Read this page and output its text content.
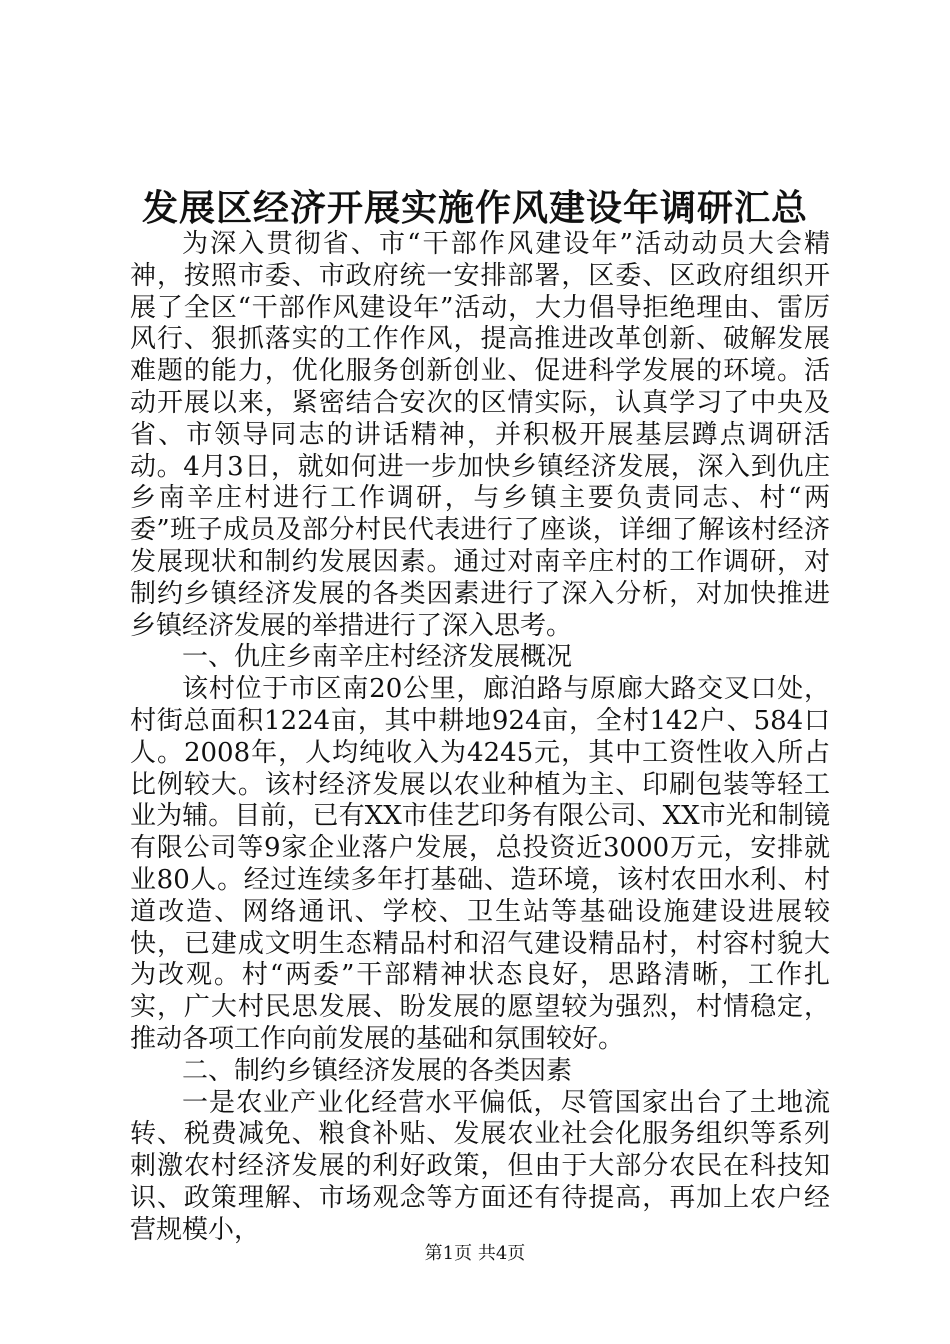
发展区经济开展实施作风建设年调研汇总

为深入贯彻省、市“干部作风建设年”活动动员大会精神，按照市委、市政府统一安排部署，区委、区政府组织开展了全区“干部作风建设年”活动，大力倡导拒绝理由、雷厉风行、狠抓落实的工作作风，提高推进改革创新、破解发展难题的能力，优化服务创新创业、促进科学发展的环境。活动开展以来，紧密结合安次的区情实际，认真学习了中央及省、市领导同志的讲话精神，并积极开展基层蹲点调研活动。4月3日，就如何进一步加快乡镇经济发展，深入到仇庄乡南辛庄村进行工作调研，与乡镇主要负责同志、村“两委”班子成员及部分村民代表进行了座谈，详细了解该村经济发展现状和制约发展因素。通过对南辛庄村的工作调研，对制约乡镇经济发展的各类因素进行了深入分析，对加快推进乡镇经济发展的举措进行了深入思考。

一、仇庄乡南辛庄村经济发展概况

该村位于市区南20公里，廊泊路与原廊大路交叉口处，村街总面积1224亩，其中耕地924亩，全村142户、584口人。2008年，人均纯收入为4245元，其中工资性收入所占比例较大。该村经济发展以农业种植为主、印刷包装等轻工业为辅。目前，已有XX市佳艺印务有限公司、XX市光和制镜有限公司等9家企业落户发展，总投资近3000万元，安排就业80人。经过连续多年打基础、造环境，该村农田水利、村道改造、网络通讯、学校、卫生站等基础设施建设进展较快，已建成文明生态精品村和沼气建设精品村，村容村貌大为改观。村“两委”干部精神状态良好，思路清晰，工作扎实，广大村民思发展、盼发展的愿望较为强烈，村情稳定，推动各项工作向前发展的基础和氛围较好。

二、制约乡镇经济发展的各类因素

一是农业产业化经营水平偏低，尽管国家出台了土地流转、税费减免、粮食补贴、发展农业社会化服务组织等系列刺激农村经济发展的利好政策，但由于大部分农民在科技知识、政策理解、市场观念等方面还有待提高，再加上农户经营规模小，

第1页 共4页
